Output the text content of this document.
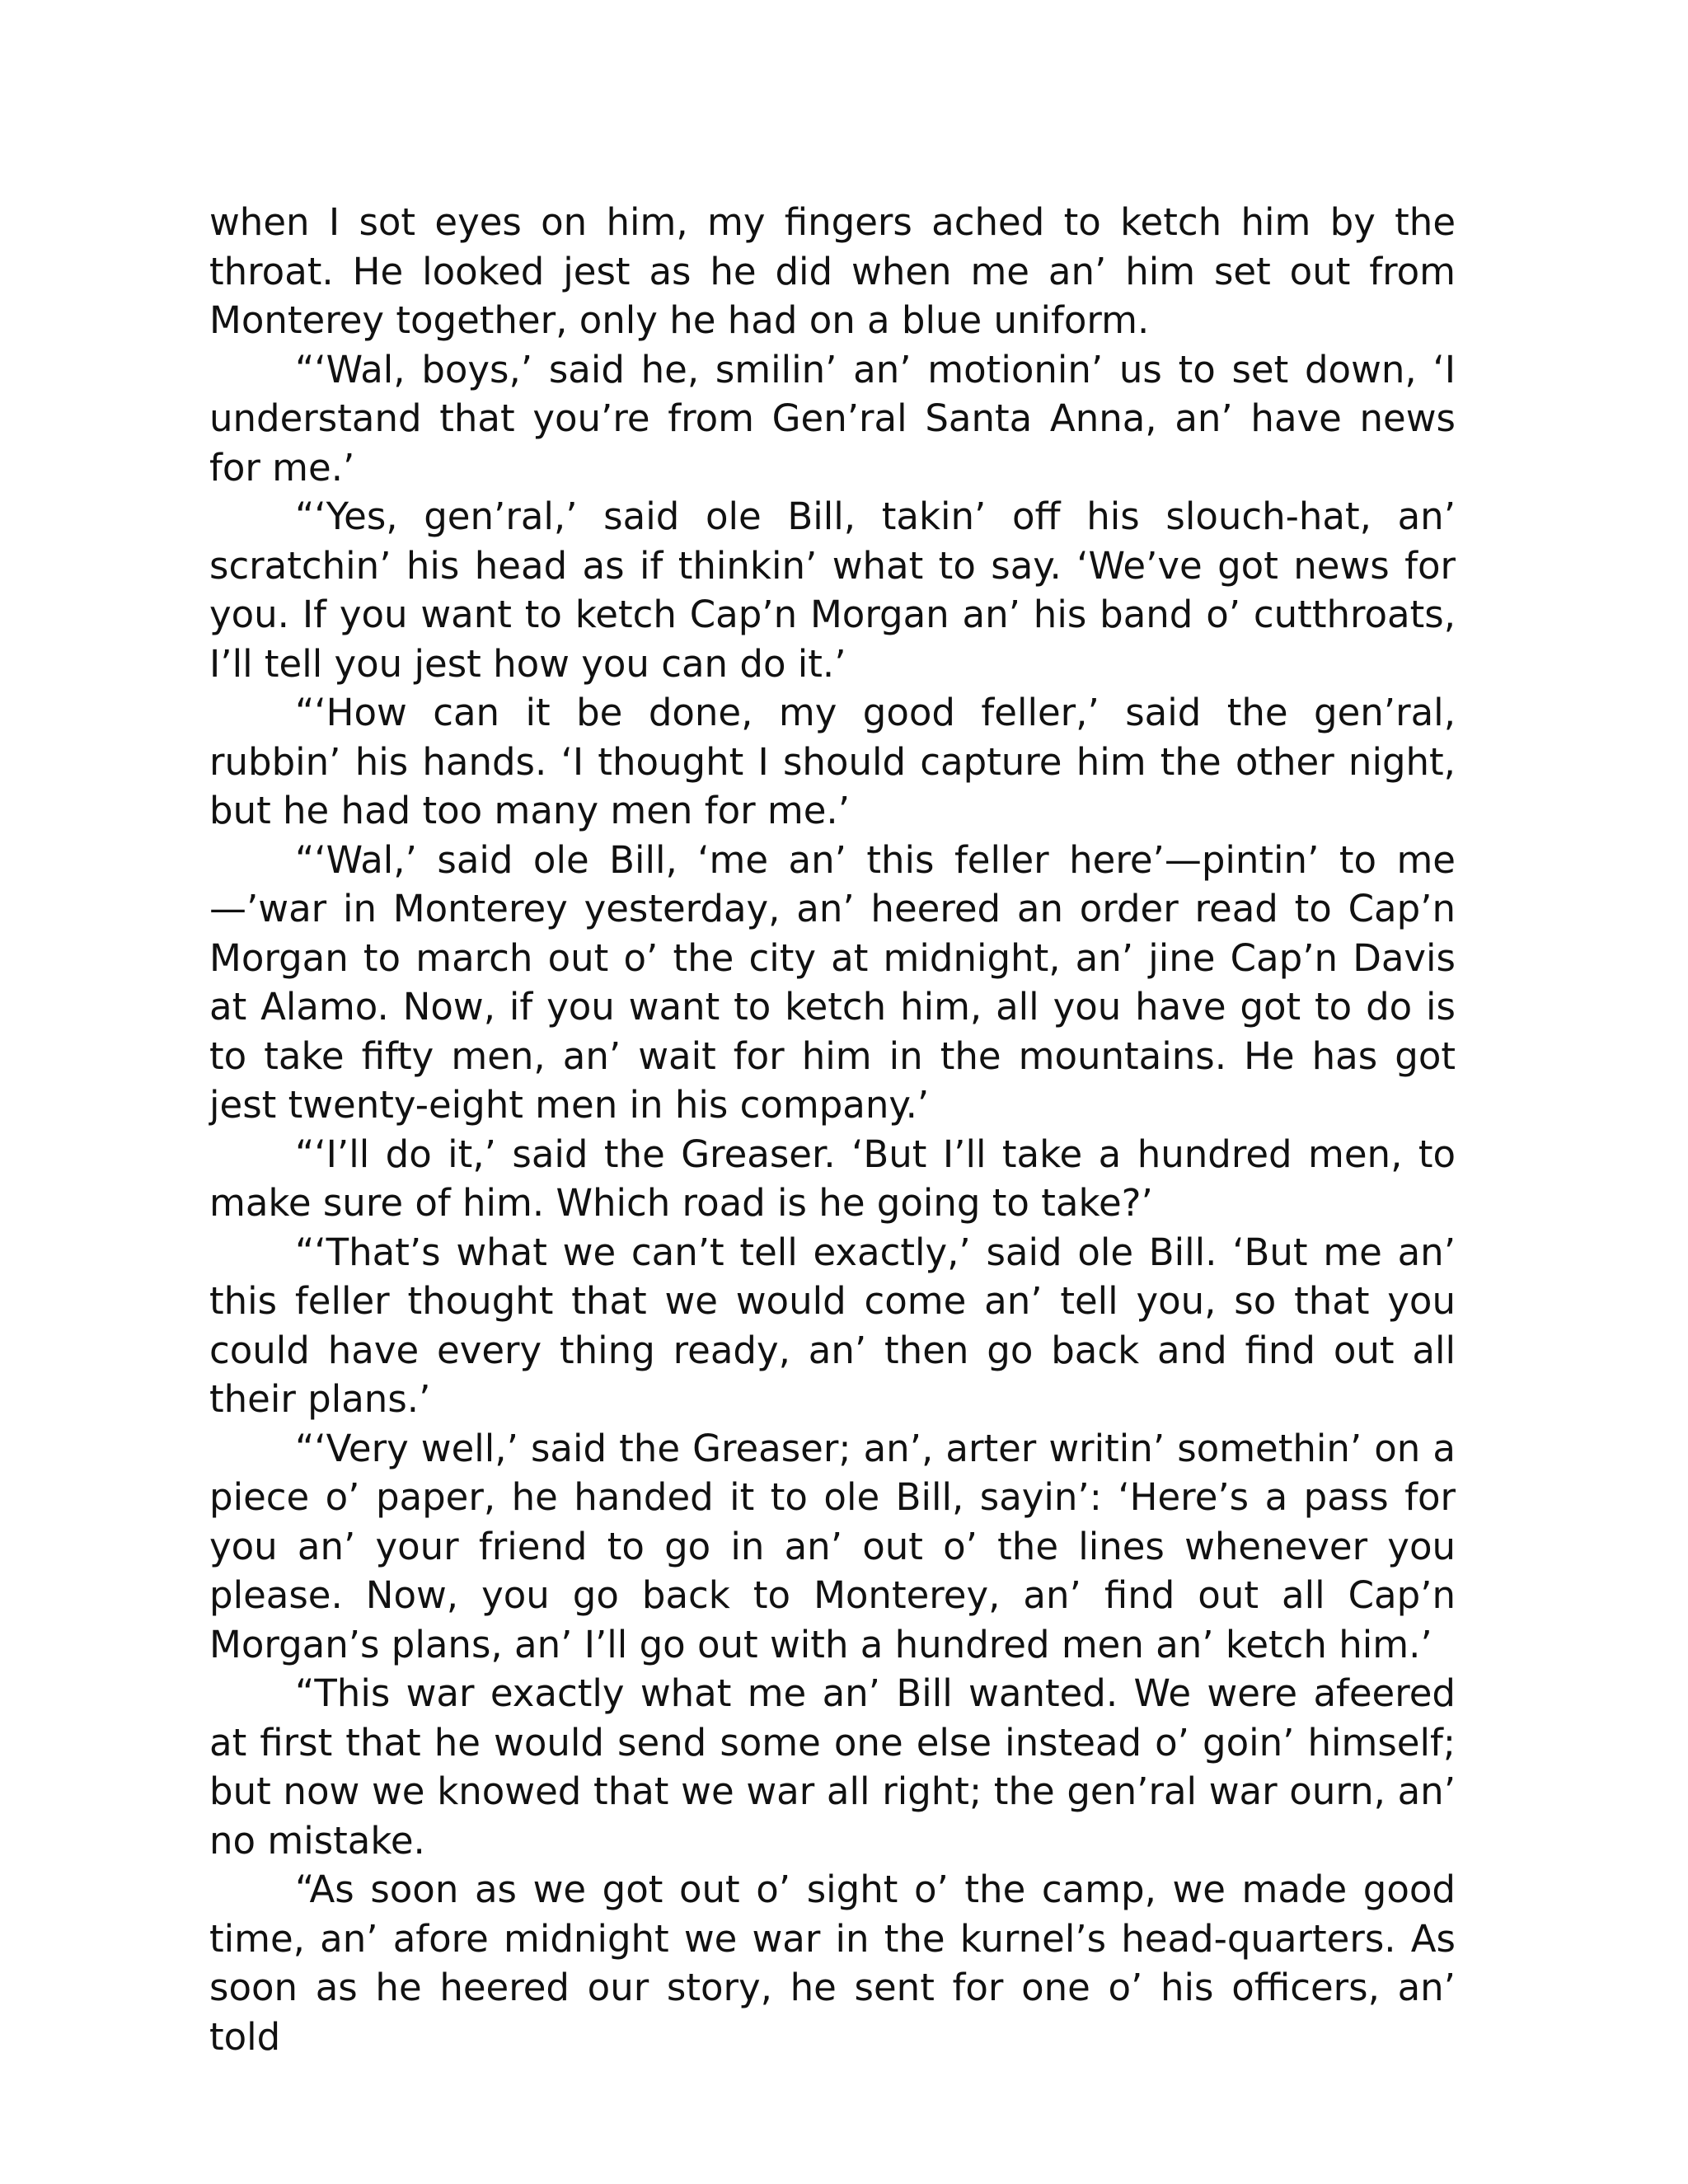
when I sot eyes on him, my fingers ached to ketch him by the throat. He looked jest as he did when me an’ him set out from Monterey together, only he had on a blue uniform.

“‘Wal, boys,’ said he, smilin’ an’ motionin’ us to set down, ‘I understand that you’re from Gen’ral Santa Anna, an’ have news for me.’

“‘Yes, gen’ral,’ said ole Bill, takin’ off his slouch-hat, an’ scratchin’ his head as if thinkin’ what to say. ‘We’ve got news for you. If you want to ketch Cap’n Morgan an’ his band o’ cutthroats, I’ll tell you jest how you can do it.’

“‘How can it be done, my good feller,’ said the gen’ral, rubbin’ his hands. ‘I thought I should capture him the other night, but he had too many men for me.’

“‘Wal,’ said ole Bill, ‘me an’ this feller here’—pintin’ to me—’war in Monterey yesterday, an’ heered an order read to Cap’n Morgan to march out o’ the city at midnight, an’ jine Cap’n Davis at Alamo. Now, if you want to ketch him, all you have got to do is to take fifty men, an’ wait for him in the mountains. He has got jest twenty-eight men in his company.’

“‘I’ll do it,’ said the Greaser. ‘But I’ll take a hundred men, to make sure of him. Which road is he going to take?’

“‘That’s what we can’t tell exactly,’ said ole Bill. ‘But me an’ this feller thought that we would come an’ tell you, so that you could have every thing ready, an’ then go back and find out all their plans.’

“‘Very well,’ said the Greaser; an’, arter writin’ somethin’ on a piece o’ paper, he handed it to ole Bill, sayin’: ‘Here’s a pass for you an’ your friend to go in an’ out o’ the lines whenever you please. Now, you go back to Monterey, an’ find out all Cap’n Morgan’s plans, an’ I’ll go out with a hundred men an’ ketch him.’

“This war exactly what me an’ Bill wanted. We were afeered at first that he would send some one else instead o’ goin’ himself; but now we knowed that we war all right; the gen’ral war ourn, an’ no mistake.

“As soon as we got out o’ sight o’ the camp, we made good time, an’ afore midnight we war in the kurnel’s head-quarters. As soon as he heered our story, he sent for one o’ his officers, an’ told
